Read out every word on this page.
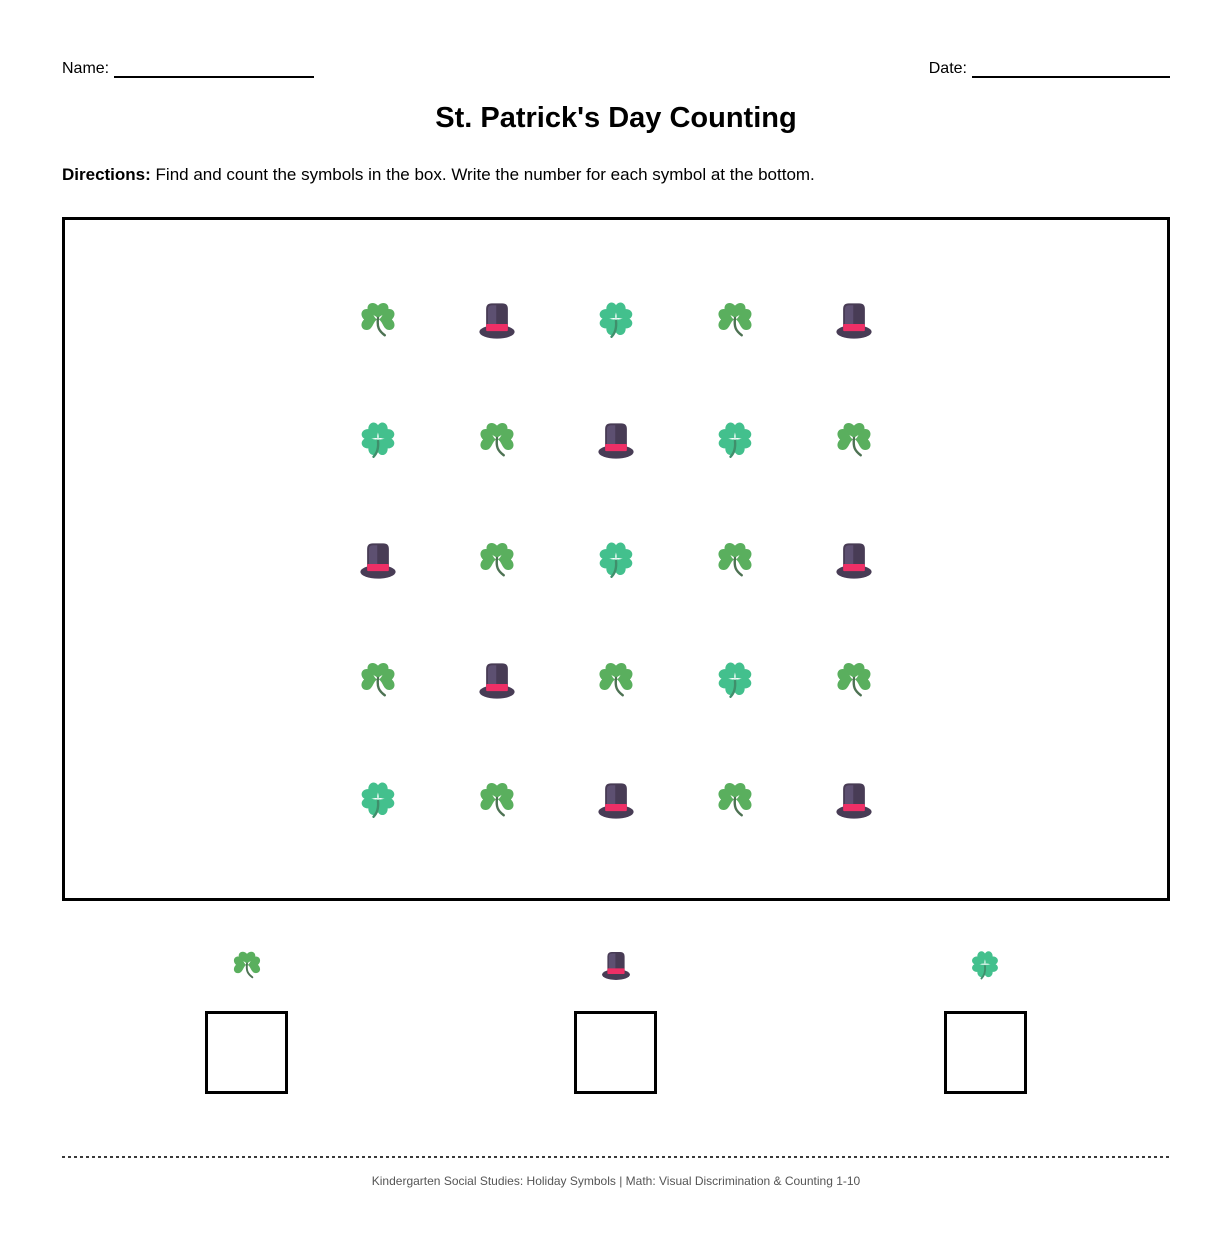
Name:	Date:
St. Patrick's Day Counting

Directions: Find and count the symbols in the box. Write the number for each symbol at the bottom.

Kindergarten Social Studies: Holiday Symbols | Math: Visual Discrimination & Counting 1-10
